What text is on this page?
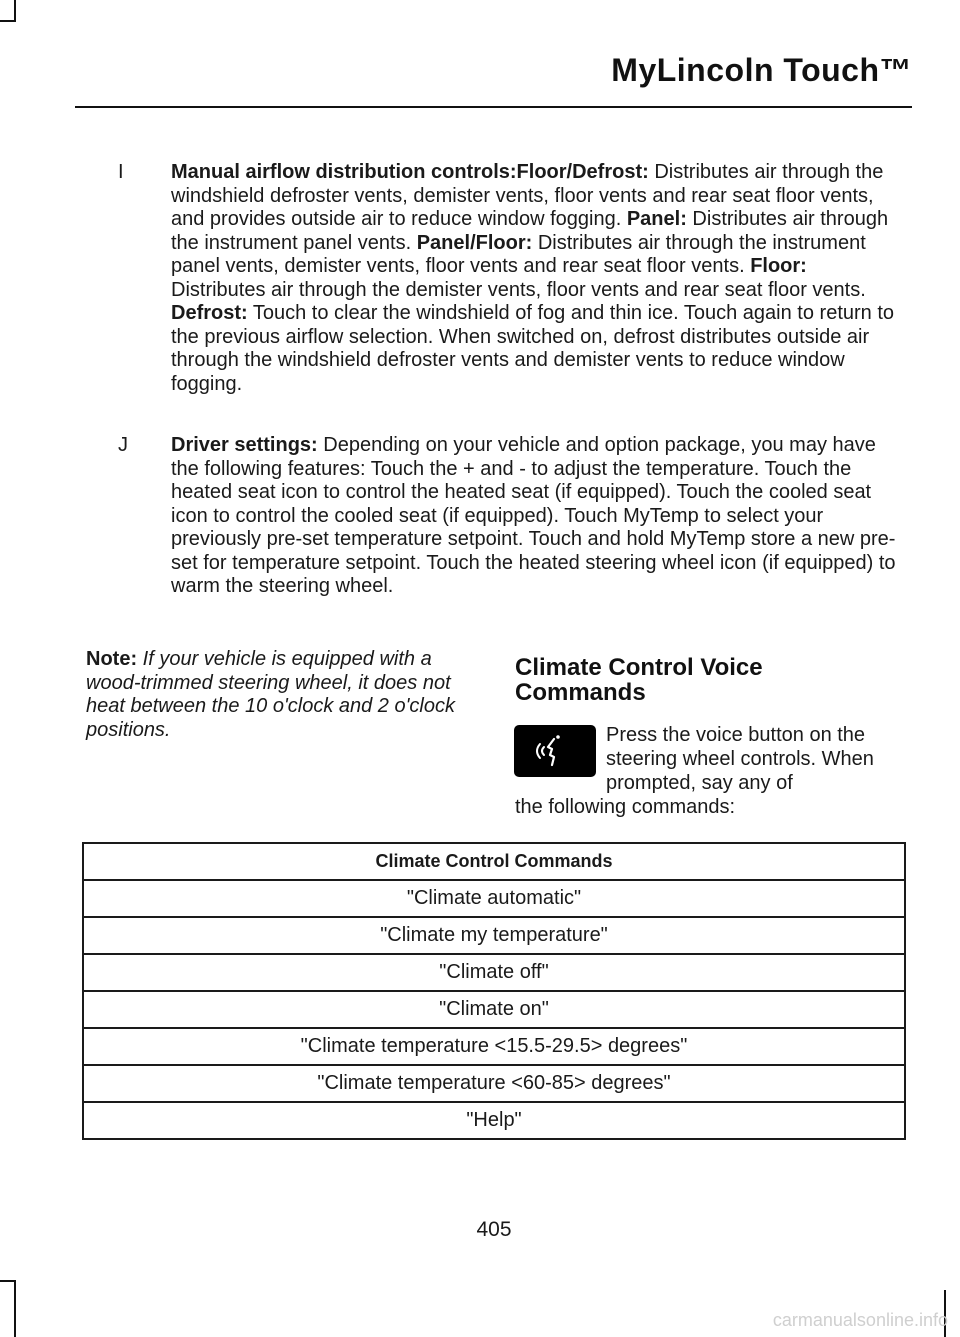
MyLincoln Touch™
I	Manual airflow distribution controls:Floor/Defrost: Distributes air through the windshield defroster vents, demister vents, floor vents and rear seat floor vents, and provides outside air to reduce window fogging. Panel: Distributes air through the instrument panel vents. Panel/Floor: Distributes air through the instrument panel vents, demister vents, floor vents and rear seat floor vents. Floor: Distributes air through the demister vents, floor vents and rear seat floor vents. Defrost: Touch to clear the windshield of fog and thin ice. Touch again to return to the previous airflow selection. When switched on, defrost distributes outside air through the windshield defroster vents and demister vents to reduce window fogging.
J	Driver settings: Depending on your vehicle and option package, you may have the following features: Touch the + and - to adjust the temperature. Touch the heated seat icon to control the heated seat (if equipped). Touch the cooled seat icon to control the cooled seat (if equipped). Touch MyTemp to select your previously pre-set temperature setpoint. Touch and hold MyTemp store a new pre-set for temperature setpoint. Touch the heated steering wheel icon (if equipped) to warm the steering wheel.
Note: If your vehicle is equipped with a wood-trimmed steering wheel, it does not heat between the 10 o'clock and 2 o'clock positions.
Climate Control Voice Commands
Press the voice button on the steering wheel controls. When prompted, say any of
the following commands:
Climate Control Commands
"Climate automatic"
"Climate my temperature"
"Climate off"
"Climate on"
"Climate temperature <15.5-29.5> degrees"
"Climate temperature <60-85> degrees"
"Help"
405
carmanualsonline.info
